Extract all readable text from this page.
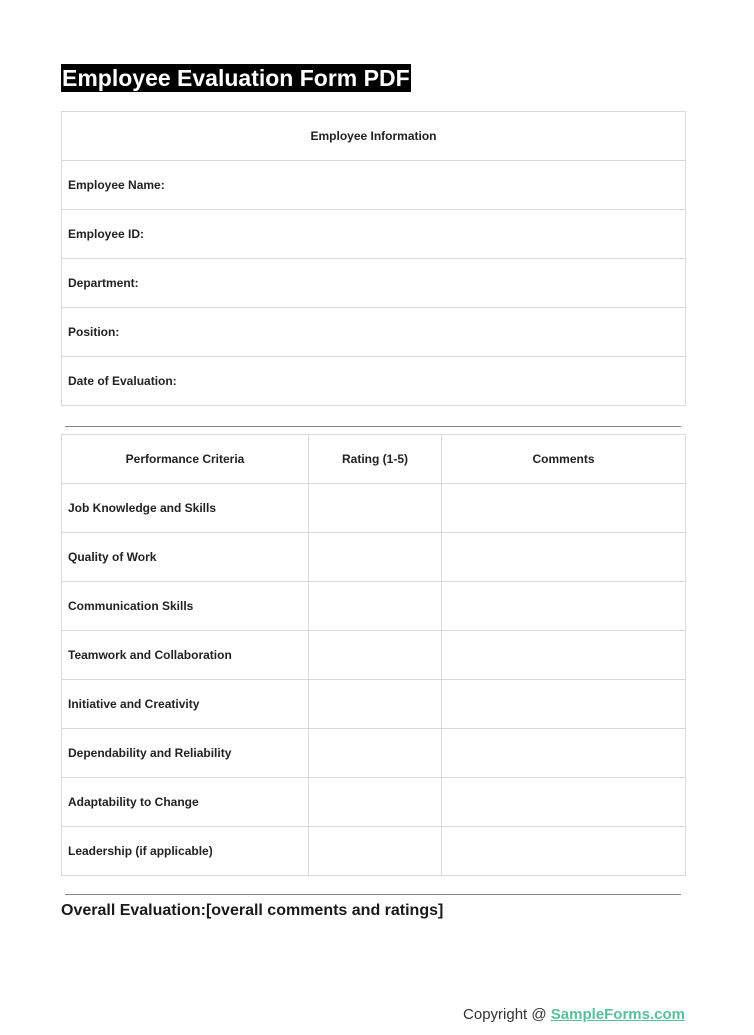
Employee Evaluation Form PDF
Employee Information
Employee Name:
Employee ID:
Department:
Position:
Date of Evaluation:
Performance Criteria	Rating (1-5)	Comments
Job Knowledge and Skills		
Quality of Work		
Communication Skills		
Teamwork and Collaboration		
Initiative and Creativity		
Dependability and Reliability		
Adaptability to Change		
Leadership (if applicable)		
Overall Evaluation:[overall comments and ratings]
Copyright @ SampleForms.com
